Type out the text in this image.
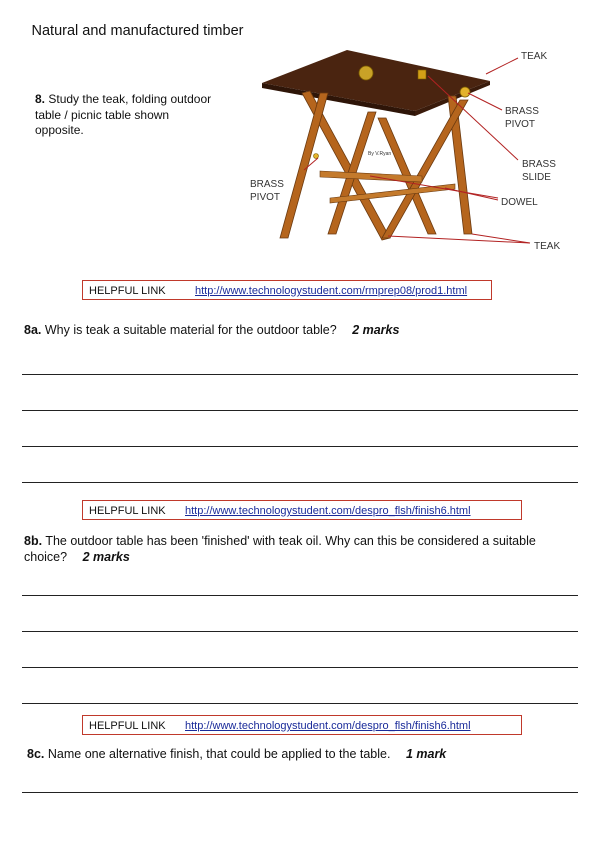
Natural and manufactured timber
8. Study the teak, folding outdoor table / picnic table shown opposite.
TEAK
BRASS
PIVOT
BRASS
SLIDE
DOWEL
TEAK
BRASS
PIVOT
By V.Ryan
HELPFUL LINK	http://www.technologystudent.com/rmprep08/prod1.html
8a. Why is teak a suitable material for the outdoor table? 2 marks
HELPFUL LINK http://www.technologystudent.com/despro_flsh/finish6.html
8b. The outdoor table has been 'finished' with teak oil. Why can this be considered a suitable choice? 2 marks
HELPFUL LINK http://www.technologystudent.com/despro_flsh/finish6.html
8c. Name one alternative finish, that could be applied to the table. 1 mark
